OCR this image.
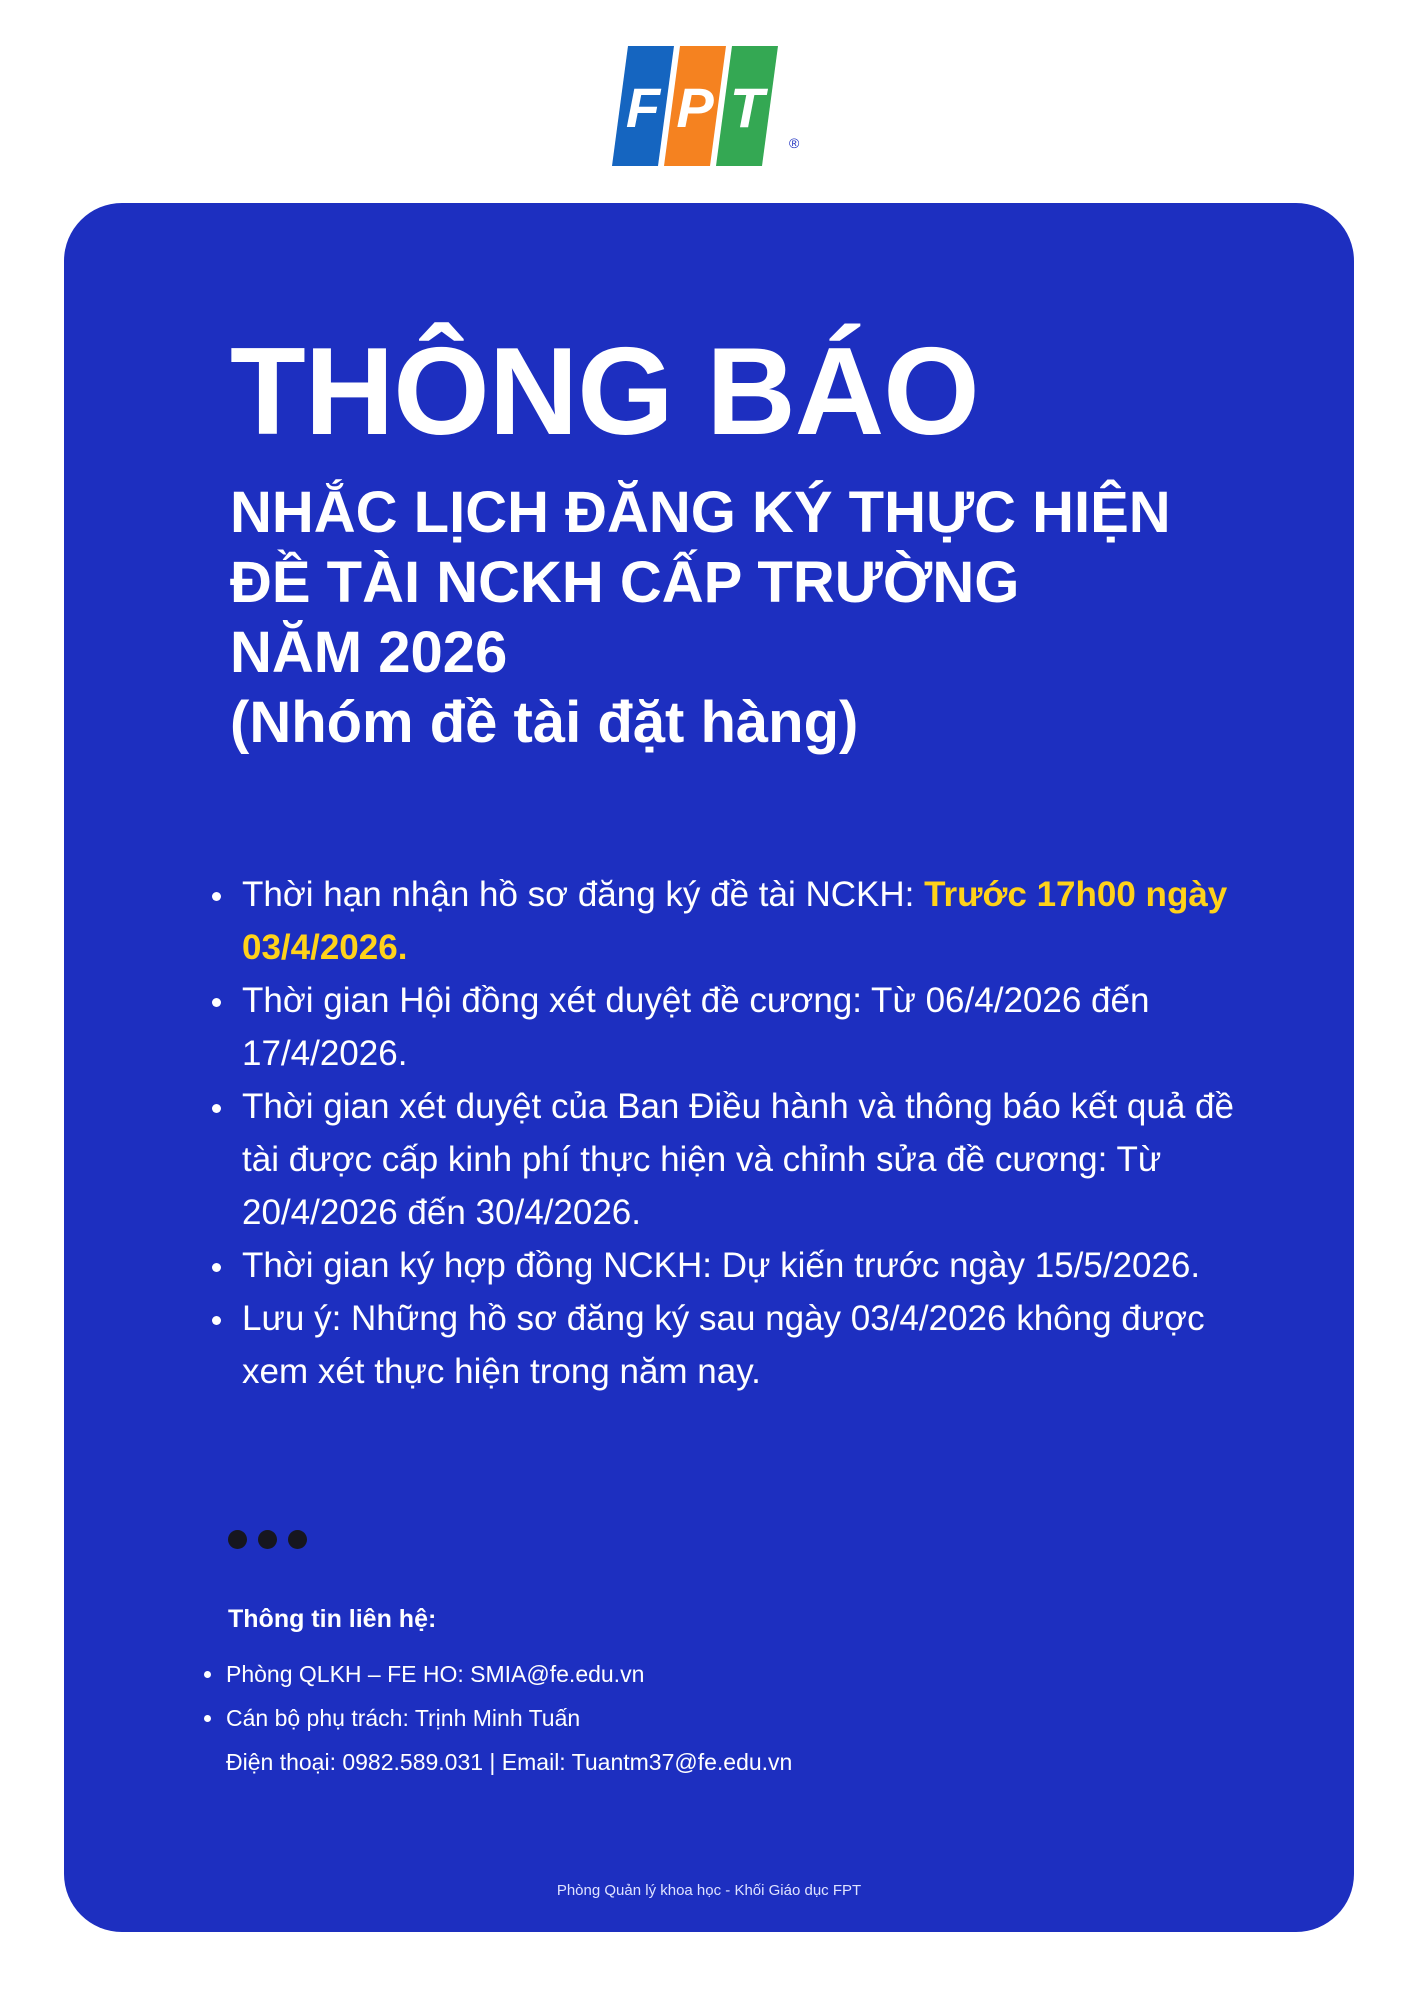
F P T
®
THÔNG BÁO
NHẮC LỊCH ĐĂNG KÝ THỰC HIỆN
ĐỀ TÀI NCKH CẤP TRƯỜNG
NĂM 2026
(Nhóm đề tài đặt hàng)
Thời hạn nhận hồ sơ đăng ký đề tài NCKH: Trước 17h00 ngày 03/4/2026.
Thời gian Hội đồng xét duyệt đề cương: Từ 06/4/2026 đến 17/4/2026.
Thời gian xét duyệt của Ban Điều hành và thông báo kết quả đề tài được cấp kinh phí thực hiện và chỉnh sửa đề cương: Từ 20/4/2026 đến 30/4/2026.
Thời gian ký hợp đồng NCKH: Dự kiến trước ngày 15/5/2026.
Lưu ý: Những hồ sơ đăng ký sau ngày 03/4/2026 không được xem xét thực hiện trong năm nay.
Thông tin liên hệ:
Phòng QLKH – FE HO: SMIA@fe.edu.vn
Cán bộ phụ trách: Trịnh Minh Tuấn
Điện thoại: 0982.589.031 | Email: Tuantm37@fe.edu.vn

Phòng Quản lý khoa học - Khối Giáo dục FPT
